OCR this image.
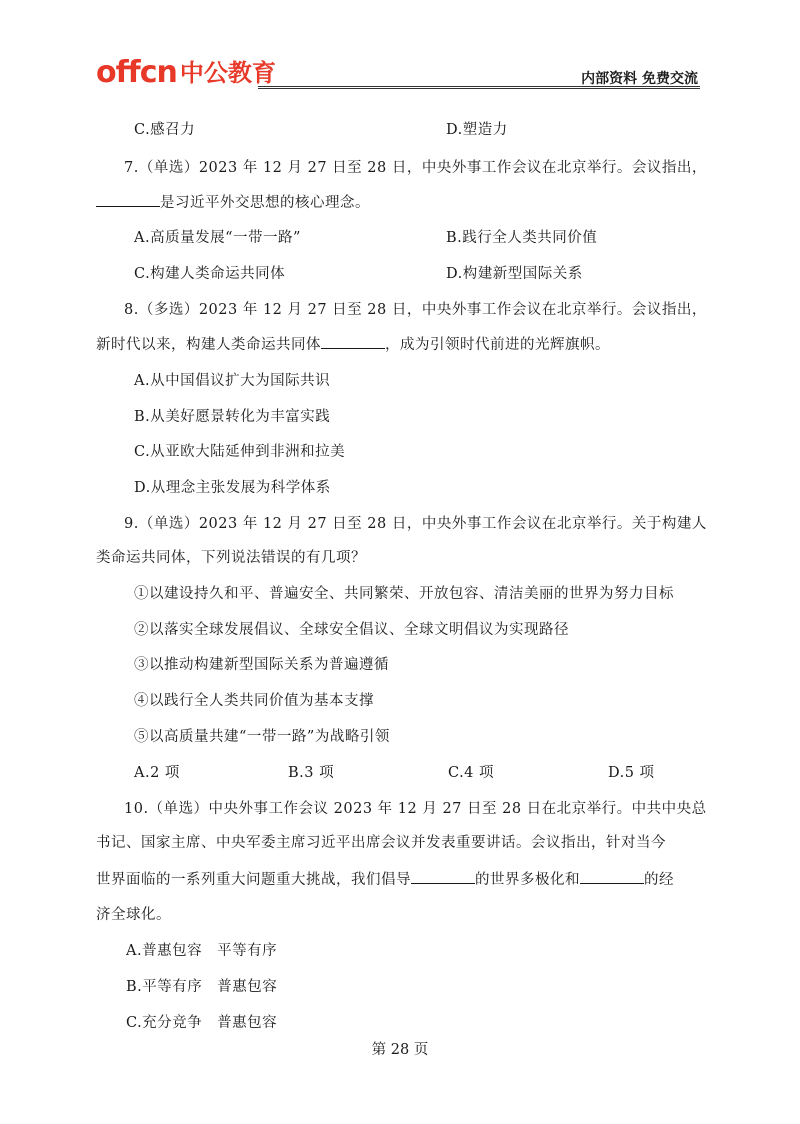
offcn 中公教育	内部资料 免费交流
C.感召力	D.塑造力
7.（单选）2023 年 12 月 27 日至 28 日，中央外事工作会议在北京举行。会议指出，
是习近平外交思想的核心理念。
A.高质量发展“一带一路”	B.践行全人类共同价值
C.构建人类命运共同体	D.构建新型国际关系
8.（多选）2023 年 12 月 27 日至 28 日，中央外事工作会议在北京举行。会议指出，
新时代以来，构建人类命运共同体	，成为引领时代前进的光辉旗帜。
A.从中国倡议扩大为国际共识
B.从美好愿景转化为丰富实践
C.从亚欧大陆延伸到非洲和拉美
D.从理念主张发展为科学体系
9.（单选）2023 年 12 月 27 日至 28 日，中央外事工作会议在北京举行。关于构建人
类命运共同体，下列说法错误的有几项？
①以建设持久和平、普遍安全、共同繁荣、开放包容、清洁美丽的世界为努力目标
②以落实全球发展倡议、全球安全倡议、全球文明倡议为实现路径
③以推动构建新型国际关系为普遍遵循
④以践行全人类共同价值为基本支撑
⑤以高质量共建“一带一路”为战略引领
A.2 项	B.3 项	C.4 项	D.5 项
10.（单选）中央外事工作会议 2023 年 12 月 27 日至 28 日在北京举行。中共中央总
书记、国家主席、中央军委主席习近平出席会议并发表重要讲话。会议指出，针对当今
世界面临的一系列重大问题重大挑战，我们倡导	的世界多极化和	的经
济全球化。
A.普惠包容　平等有序
B.平等有序　普惠包容
C.充分竞争　普惠包容
第 28 页
